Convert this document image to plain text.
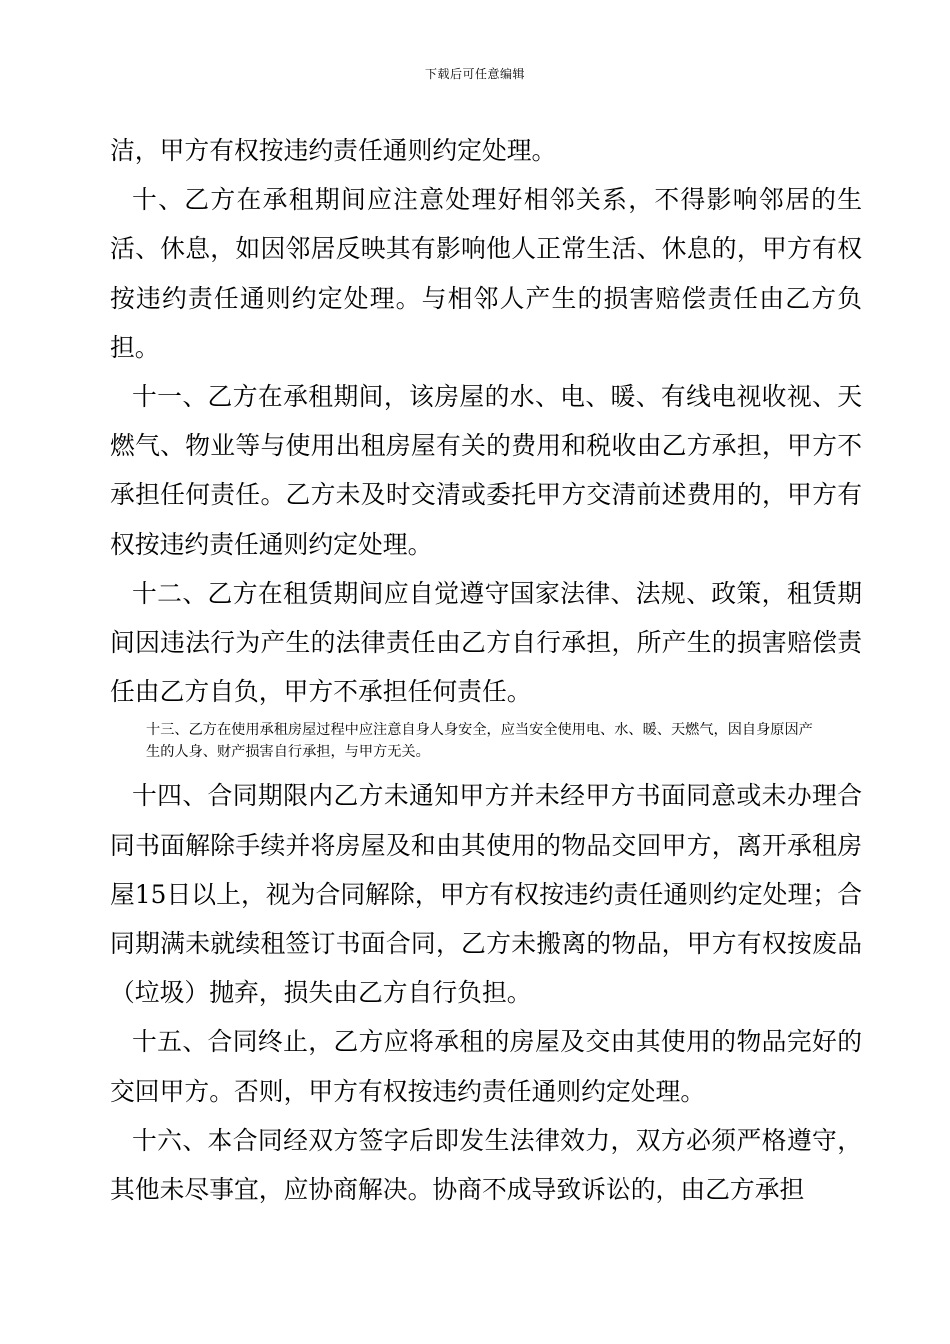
下载后可任意编辑

洁，甲方有权按违约责任通则约定处理。

十、乙方在承租期间应注意处理好相邻关系，不得影响邻居的生活、休息，如因邻居反映其有影响他人正常生活、休息的，甲方有权按违约责任通则约定处理。与相邻人产生的损害赔偿责任由乙方负担。

十一、乙方在承租期间，该房屋的水、电、暖、有线电视收视、天燃气、物业等与使用出租房屋有关的费用和税收由乙方承担，甲方不承担任何责任。乙方未及时交清或委托甲方交清前述费用的，甲方有权按违约责任通则约定处理。

十二、乙方在租赁期间应自觉遵守国家法律、法规、政策，租赁期间因违法行为产生的法律责任由乙方自行承担，所产生的损害赔偿责任由乙方自负，甲方不承担任何责任。

十三、乙方在使用承租房屋过程中应注意自身人身安全，应当安全使用电、水、暖、天燃气，因自身原因产生的人身、财产损害自行承担，与甲方无关。

十四、合同期限内乙方未通知甲方并未经甲方书面同意或未办理合同书面解除手续并将房屋及和由其使用的物品交回甲方，离开承租房屋15日以上，视为合同解除，甲方有权按违约责任通则约定处理；合同期满未就续租签订书面合同，乙方未搬离的物品，甲方有权按废品（垃圾）抛弃，损失由乙方自行负担。

十五、合同终止，乙方应将承租的房屋及交由其使用的物品完好的交回甲方。否则，甲方有权按违约责任通则约定处理。

十六、本合同经双方签字后即发生法律效力，双方必须严格遵守，其他未尽事宜，应协商解决。协商不成导致诉讼的，由乙方承担
